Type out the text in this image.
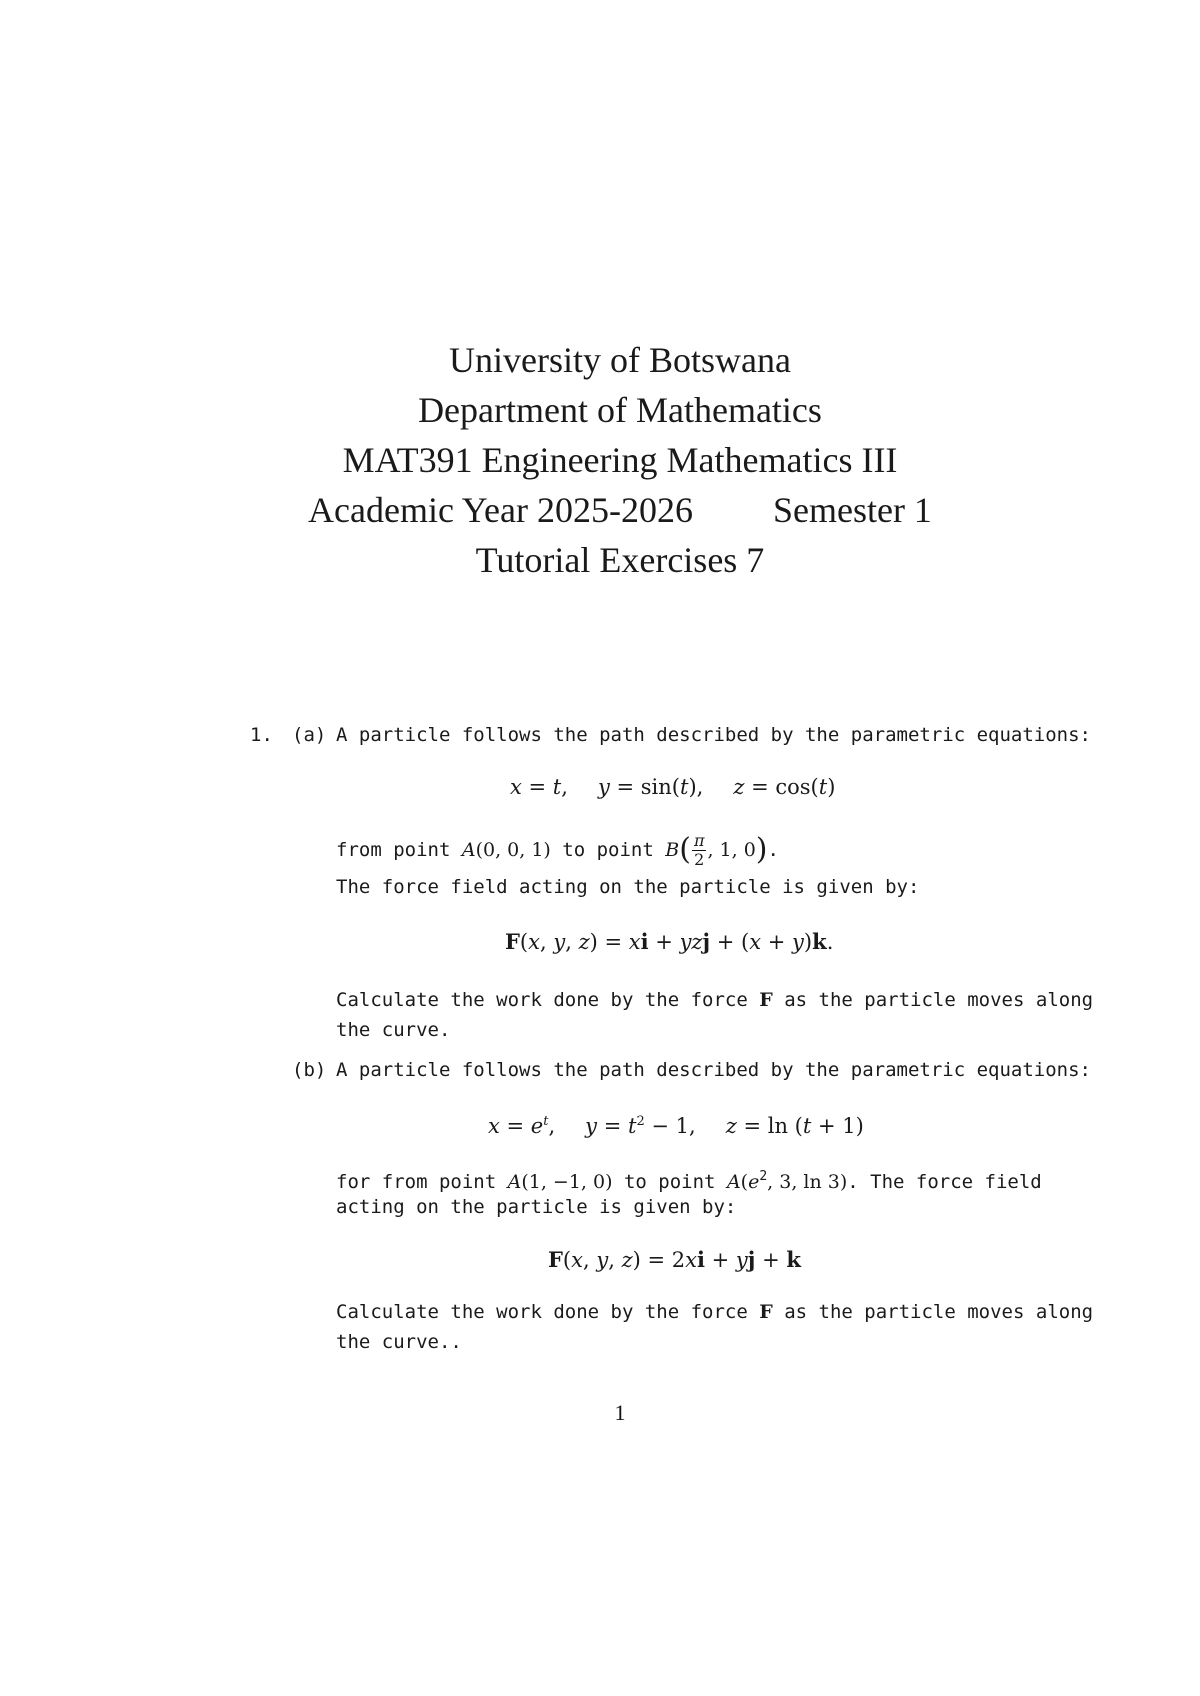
University of Botswana
Department of Mathematics
MAT391 Engineering Mathematics III
Academic Year 2025-2026 Semester 1
Tutorial Exercises 7
1. (a) A particle follows the path described by the parametric equations:
x = t, y = sin(t), z = cos(t)
from point A(0, 0, 1) to point $B( \frac{\pi}{2}$ , 1, 0).
The force field acting on the particle is given by:
F(x, y, z) = xi + yzj + (x + y)k.
Calculate the work done by the force F as the particle moves along
the curve.
(b) A particle follows the path described by the parametric equations:
$x = e^t$, $y = t^2 - 1$, z = ln (t + 1)
for from point A(1, −1, 0) to point $A(e^2$, 3, ln 3). The force field
acting on the particle is given by:
F(x, y, z) = 2xi + yj + k
Calculate the work done by the force F as the particle moves along
the curve..
1
